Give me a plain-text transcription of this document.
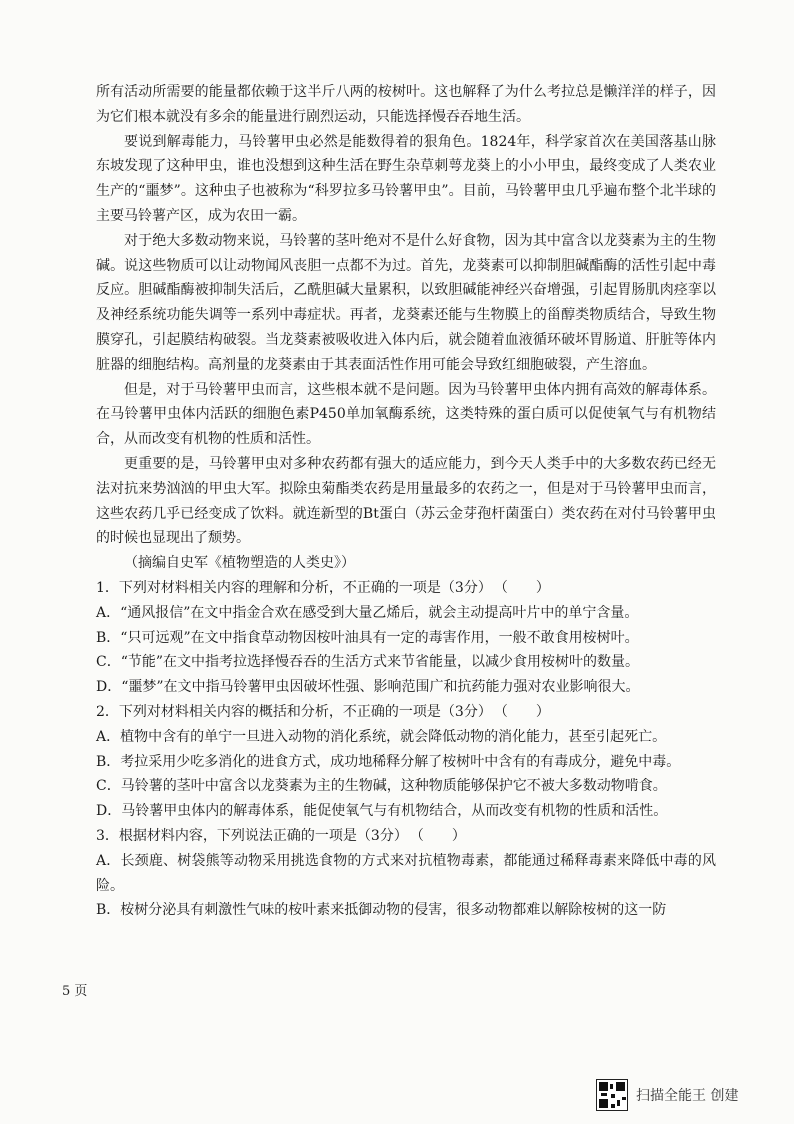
所有活动所需要的能量都依赖于这半斤八两的桉树叶。这也解释了为什么考拉总是懒洋洋的样子，因为它们根本就没有多余的能量进行剧烈运动，只能选择慢吞吞地生活。

要说到解毒能力，马铃薯甲虫必然是能数得着的狠角色。1824年，科学家首次在美国落基山脉东坡发现了这种甲虫，谁也没想到这种生活在野生杂草刺萼龙葵上的小小甲虫，最终变成了人类农业生产的“噩梦”。这种虫子也被称为“科罗拉多马铃薯甲虫”。目前，马铃薯甲虫几乎遍布整个北半球的主要马铃薯产区，成为农田一霸。

对于绝大多数动物来说，马铃薯的茎叶绝对不是什么好食物，因为其中富含以龙葵素为主的生物碱。说这些物质可以让动物闻风丧胆一点都不为过。首先，龙葵素可以抑制胆碱酯酶的活性引起中毒反应。胆碱酯酶被抑制失活后，乙酰胆碱大量累积，以致胆碱能神经兴奋增强，引起胃肠肌肉痉挛以及神经系统功能失调等一系列中毒症状。再者，龙葵素还能与生物膜上的甾醇类物质结合，导致生物膜穿孔，引起膜结构破裂。当龙葵素被吸收进入体内后，就会随着血液循环破坏胃肠道、肝脏等体内脏器的细胞结构。高剂量的龙葵素由于其表面活性作用可能会导致红细胞破裂，产生溶血。

但是，对于马铃薯甲虫而言，这些根本就不是问题。因为马铃薯甲虫体内拥有高效的解毒体系。在马铃薯甲虫体内活跃的细胞色素P450单加氧酶系统，这类特殊的蛋白质可以促使氧气与有机物结合，从而改变有机物的性质和活性。

更重要的是，马铃薯甲虫对多种农药都有强大的适应能力，到今天人类手中的大多数农药已经无法对抗来势汹汹的甲虫大军。拟除虫菊酯类农药是用量最多的农药之一，但是对于马铃薯甲虫而言，这些农药几乎已经变成了饮料。就连新型的Bt蛋白（苏云金芽孢杆菌蛋白）类农药在对付马铃薯甲虫的时候也显现出了颓势。

（摘编自史军《植物塑造的人类史》）

1．下列对材料相关内容的理解和分析，不正确的一项是（3分） （　　）

A．“通风报信”在文中指金合欢在感受到大量乙烯后，就会主动提高叶片中的单宁含量。

B．“只可远观”在文中指食草动物因桉叶油具有一定的毒害作用，一般不敢食用桉树叶。

C．“节能”在文中指考拉选择慢吞吞的生活方式来节省能量，以减少食用桉树叶的数量。

D．“噩梦”在文中指马铃薯甲虫因破坏性强、影响范围广和抗药能力强对农业影响很大。

2．下列对材料相关内容的概括和分析，不正确的一项是（3分） （　　）

A．植物中含有的单宁一旦进入动物的消化系统，就会降低动物的消化能力，甚至引起死亡。

B．考拉采用少吃多消化的进食方式，成功地稀释分解了桉树叶中含有的有毒成分，避免中毒。

C．马铃薯的茎叶中富含以龙葵素为主的生物碱，这种物质能够保护它不被大多数动物啃食。

D．马铃薯甲虫体内的解毒体系，能促使氧气与有机物结合，从而改变有机物的性质和活性。

3．根据材料内容，下列说法正确的一项是（3分） （　　）

A．长颈鹿、树袋熊等动物采用挑选食物的方式来对抗植物毒素，都能通过稀释毒素来降低中毒的风险。

B．桉树分泌具有刺激性气味的桉叶素来抵御动物的侵害，很多动物都难以解除桉树的这一防

5 页
扫描全能王 创建
